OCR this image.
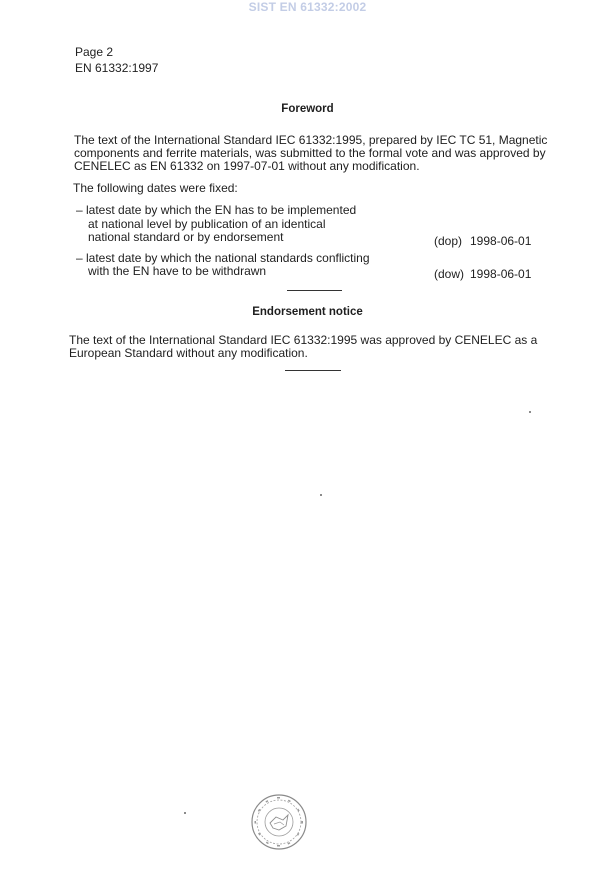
SIST EN 61332:2002
Page 2
EN 61332:1997
Foreword
The text of the International Standard IEC 61332:1995, prepared by IEC TC 51, Magnetic
components and ferrite materials, was submitted to the formal vote and was approved by
CENELEC as EN 61332 on 1997-07-01 without any modification.
The following dates were fixed:
– latest date by which the EN has to be implemented
at national level by publication of an identical
national standard or by endorsement	(dop) 1998-06-01
– latest date by which the national standards conflicting
with the EN have to be withdrawn	(dow) 1998-06-01
Endorsement notice
The text of the International Standard IEC 61332:1995 was approved by CENELEC as a
European Standard without any modification.
